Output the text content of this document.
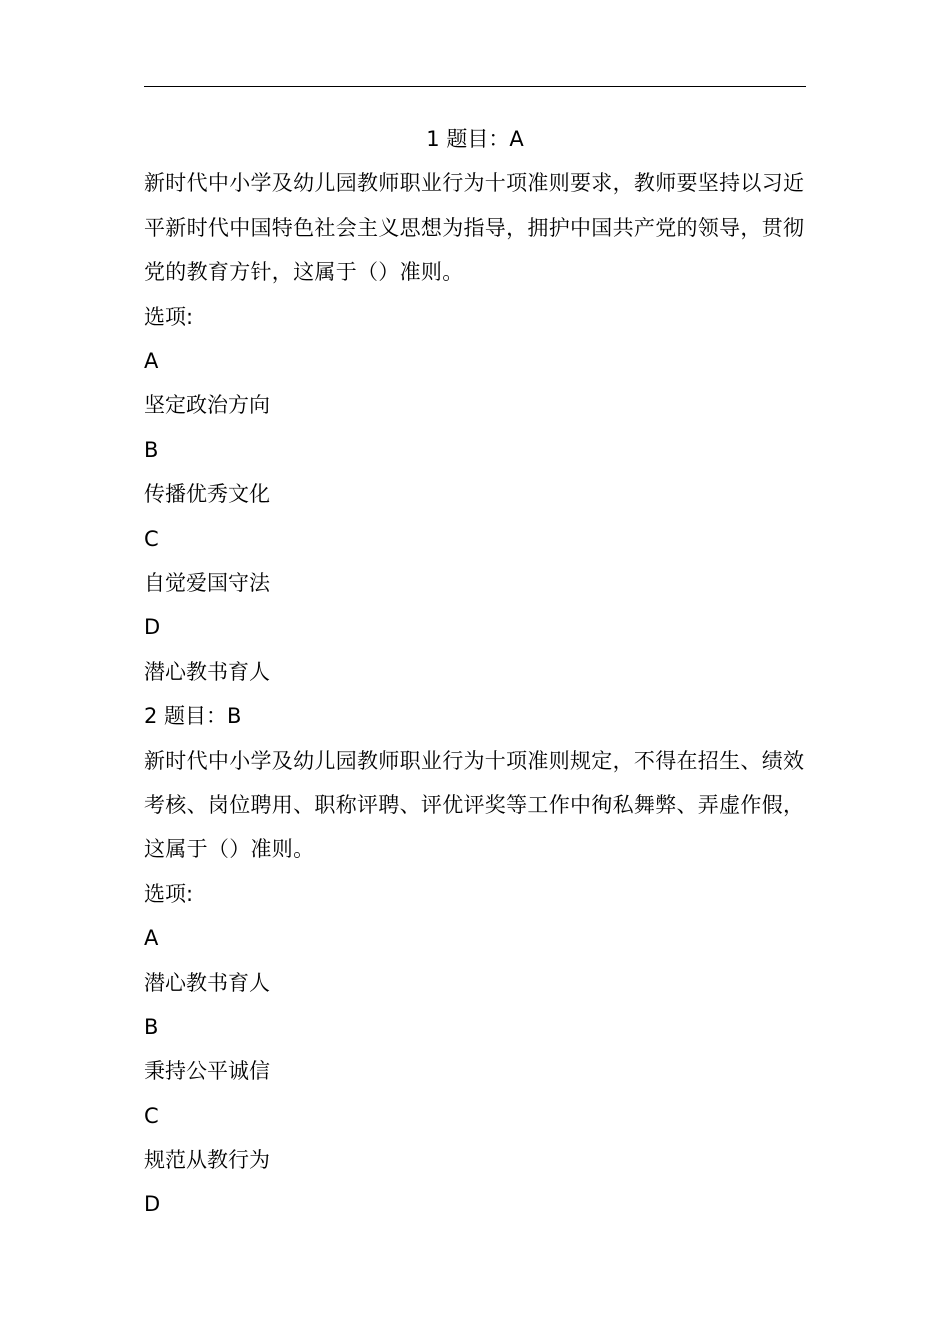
1 题目：A
新时代中小学及幼儿园教师职业行为十项准则要求，教师要坚持以习近平新时代中国特色社会主义思想为指导，拥护中国共产党的领导，贯彻党的教育方针，这属于（）准则。
选项:
A
坚定政治方向
B
传播优秀文化
C
自觉爱国守法
D
潜心教书育人
2 题目：B
新时代中小学及幼儿园教师职业行为十项准则规定，不得在招生、绩效考核、岗位聘用、职称评聘、评优评奖等工作中徇私舞弊、弄虚作假，这属于（）准则。
选项:
A
潜心教书育人
B
秉持公平诚信
C
规范从教行为
D
